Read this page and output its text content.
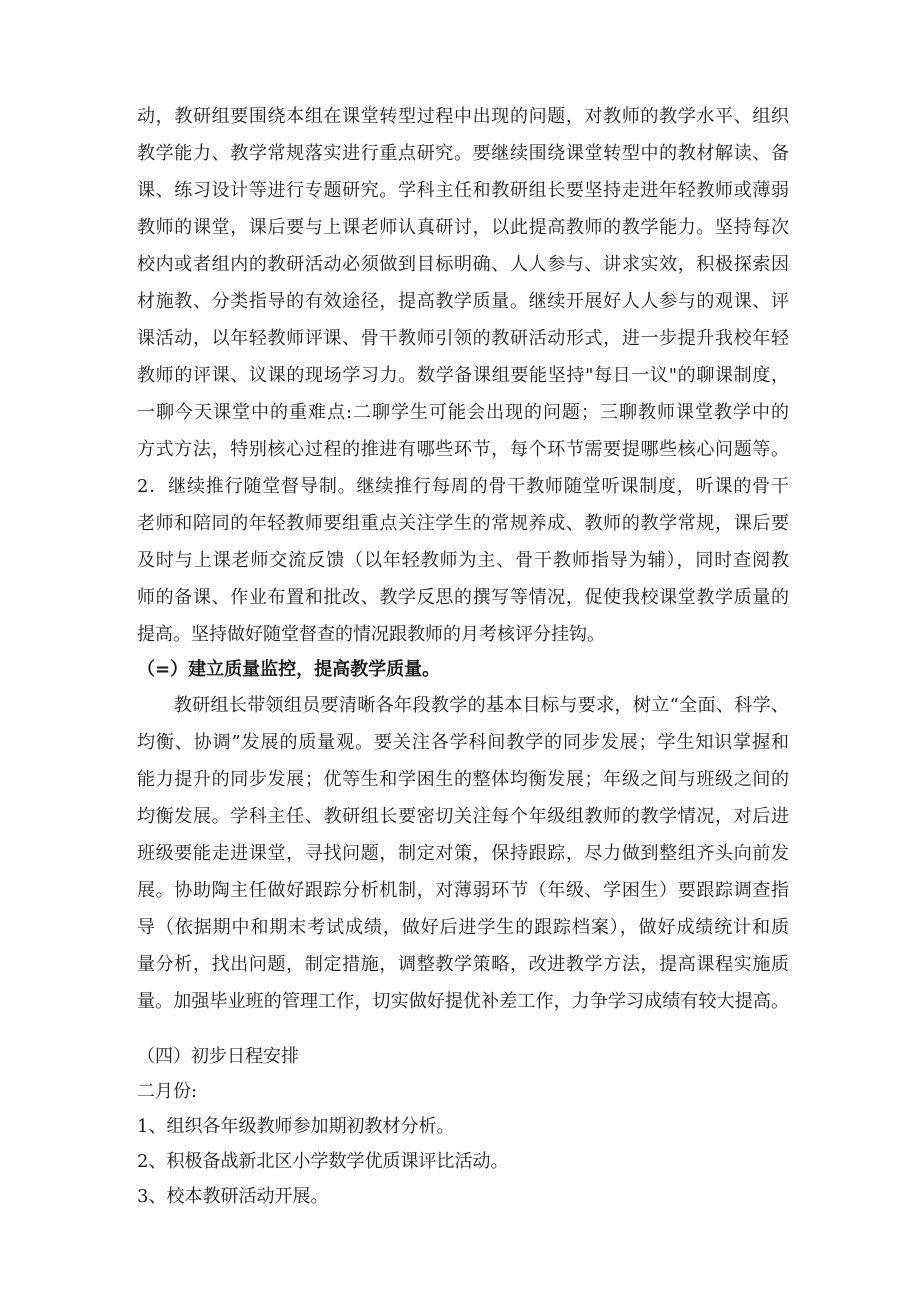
动，教研组要围绕本组在课堂转型过程中出现的问题，对教师的教学水平、组织
教学能力、教学常规落实进行重点研究。要继续围绕课堂转型中的教材解读、备
课、练习设计等进行专题研究。学科主任和教研组长要坚持走进年轻教师或薄弱
教师的课堂，课后要与上课老师认真研讨，以此提高教师的教学能力。坚持每次
校内或者组内的教研活动必须做到目标明确、人人参与、讲求实效，积极探索因
材施教、分类指导的有效途径，提高教学质量。继续开展好人人参与的观课、评
课活动，以年轻教师评课、骨干教师引领的教研活动形式，进一步提升我校年轻
教师的评课、议课的现场学习力。数学备课组要能坚持"每日一议"的聊课制度，
一聊今天课堂中的重难点:二聊学生可能会出现的问题；三聊教师课堂教学中的
方式方法，特别核心过程的推进有哪些环节，每个环节需要提哪些核心问题等。
2．继续推行随堂督导制。继续推行每周的骨干教师随堂听课制度，听课的骨干
老师和陪同的年轻教师要组重点关注学生的常规养成、教师的教学常规，课后要
及时与上课老师交流反馈（以年轻教师为主、骨干教师指导为辅），同时查阅教
师的备课、作业布置和批改、教学反思的撰写等情况，促使我校课堂教学质量的
提高。坚持做好随堂督查的情况跟教师的月考核评分挂钩。
（=）建立质量监控，提高教学质量。
　　教研组长带领组员要清晰各年段教学的基本目标与要求，树立“全面、科学、
均衡、协调”发展的质量观。要关注各学科间教学的同步发展；学生知识掌握和
能力提升的同步发展；优等生和学困生的整体均衡发展；年级之间与班级之间的
均衡发展。学科主任、教研组长要密切关注每个年级组教师的教学情况，对后进
班级要能走进课堂，寻找问题，制定对策，保持跟踪，尽力做到整组齐头向前发
展。协助陶主任做好跟踪分析机制，对薄弱环节（年级、学困生）要跟踪调查指
导（依据期中和期末考试成绩，做好后进学生的跟踪档案），做好成绩统计和质
量分析，找出问题，制定措施，调整教学策略，改进教学方法，提高课程实施质
量。加强毕业班的管理工作，切实做好提优补差工作，力争学习成绩有较大提高。
（四）初步日程安排
二月份:
1、组织各年级教师参加期初教材分析。
2、积极备战新北区小学数学优质课评比活动。
3、校本教研活动开展。
